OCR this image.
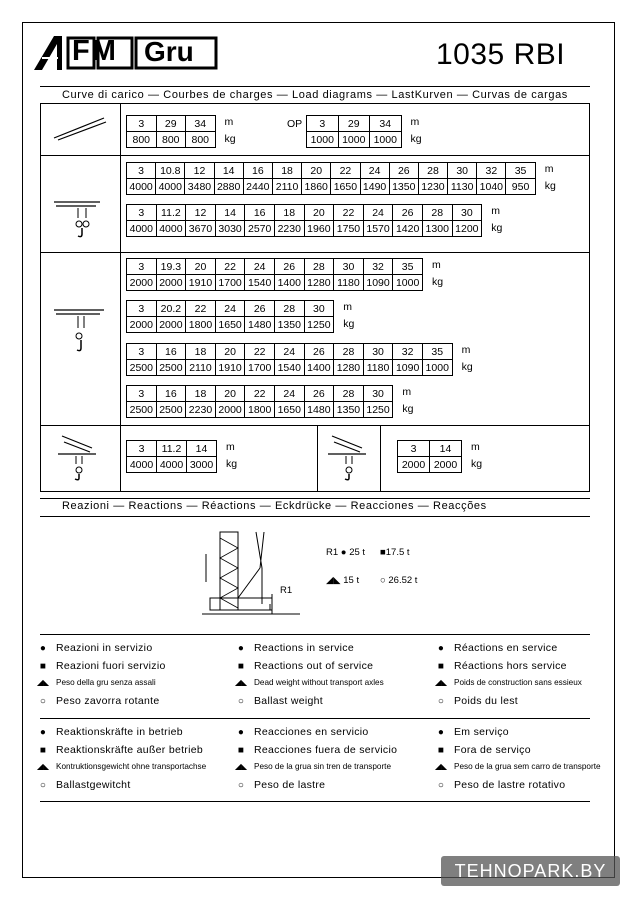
FM Gru	1035 RBI
Curve di carico — Courbes de charges — Load diagrams — LastKurven — Curvas de cargas
3	29	34
800	800	800
m
kg
3	29	34
1000	1000	1000
m
kg
3	10.8	12	14	16	18	20	22	24	26	28	30	32	35
4000	4000	3480	2880	2440	2110	1860	1650	1490	1350	1230	1130	1040	950
m
kg
3	11.2	12	14	16	18	20	22	24	26	28	30
4000	4000	3670	3030	2570	2230	1960	1750	1570	1420	1300	1200
m
kg
3	19.3	20	22	24	26	28	30	32	35
2000	2000	1910	1700	1540	1400	1280	1180	1090	1000
m
kg
3	20.2	22	24	26	28	30
2000	2000	1800	1650	1480	1350	1250
m
kg
3	16	18	20	22	24	26	28	30	32	35
2500	2500	2110	1910	1700	1540	1400	1280	1180	1090	1000
m
kg
3	16	18	20	22	24	26	28	30
2500	2500	2230	2000	1800	1650	1480	1350	1250
m
kg
3	11.2	14
4000	4000	3000
m
kg
3	14
2000	2000
m
kg
OP
Reazioni — Reactions — Réactions — Eckdrücke — Reacciones — Reacções
R1
R1 ● 25 t ■17.5 t
◢◣ 15 t ○ 26.52 t
● Reazioni in servizio
■ Reazioni fuori servizio
◢◣ Peso della gru senza assali
○ Peso zavorra rotante
● Reactions in service
■ Reactions out of service
◢◣ Dead weight without transport axles
○ Ballast weight
● Réactions en service
■ Réactions hors service
◢◣ Poids de construction sans essieux
○ Poids du lest
● Reaktionskräfte in betrieb
■ Reaktionskräfte außer betrieb
◢◣ Kontruktionsgewicht ohne transportachse
○ Ballastgewitcht
● Reacciones en servicio
■ Reacciones fuera de servicio
◢◣ Peso de la grua sin tren de transporte
○ Peso de lastre
● Em serviço
■ Fora de serviço
◢◣ Peso de la grua sem carro de transporte
○ Peso de lastre rotativo
TEHNOPARK.BY
